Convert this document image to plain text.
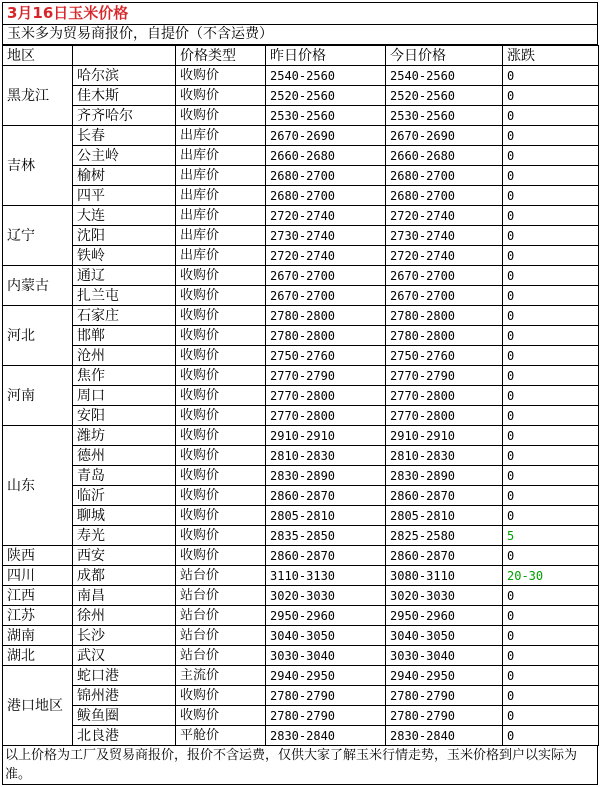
3月16日玉米价格
玉米多为贸易商报价，自提价（不含运费）
地区		价格类型	昨日价格	今日价格	涨跌
黑龙江	哈尔滨	收购价	2540-2560	2540-2560	0
	佳木斯	收购价	2520-2560	2520-2560	0
	齐齐哈尔	收购价	2530-2560	2530-2560	0
吉林	长春	出库价	2670-2690	2670-2690	0
	公主岭	出库价	2660-2680	2660-2680	0
	榆树	出库价	2680-2700	2680-2700	0
	四平	出库价	2680-2700	2680-2700	0
辽宁	大连	出库价	2720-2740	2720-2740	0
	沈阳	出库价	2730-2740	2730-2740	0
	铁岭	出库价	2720-2740	2720-2740	0
内蒙古	通辽	收购价	2670-2700	2670-2700	0
	扎兰屯	收购价	2670-2700	2670-2700	0
河北	石家庄	收购价	2780-2800	2780-2800	0
	邯郸	收购价	2780-2800	2780-2800	0
	沧州	收购价	2750-2760	2750-2760	0
河南	焦作	收购价	2770-2790	2770-2790	0
	周口	收购价	2770-2800	2770-2800	0
	安阳	收购价	2770-2800	2770-2800	0
山东	潍坊	收购价	2910-2910	2910-2910	0
	德州	收购价	2810-2830	2810-2830	0
	青岛	收购价	2830-2890	2830-2890	0
	临沂	收购价	2860-2870	2860-2870	0
	聊城	收购价	2805-2810	2805-2810	0
	寿光	收购价	2835-2850	2825-2580	5
陕西	西安	收购价	2860-2870	2860-2870	0
四川	成都	站台价	3110-3130	3080-3110	20-30
江西	南昌	站台价	3020-3030	3020-3030	0
江苏	徐州	站台价	2950-2960	2950-2960	0
湖南	长沙	站台价	3040-3050	3040-3050	0
湖北	武汉	站台价	3030-3040	3030-3040	0
港口地区	蛇口港	主流价	2940-2950	2940-2950	0
	锦州港	收购价	2780-2790	2780-2790	0
	鲅鱼圈	收购价	2780-2790	2780-2790	0
	北良港	平舱价	2830-2840	2830-2840	0
以上价格为工厂及贸易商报价，报价不含运费，仅供大家了解玉米行情走势，玉米价格到户以实际为准。
